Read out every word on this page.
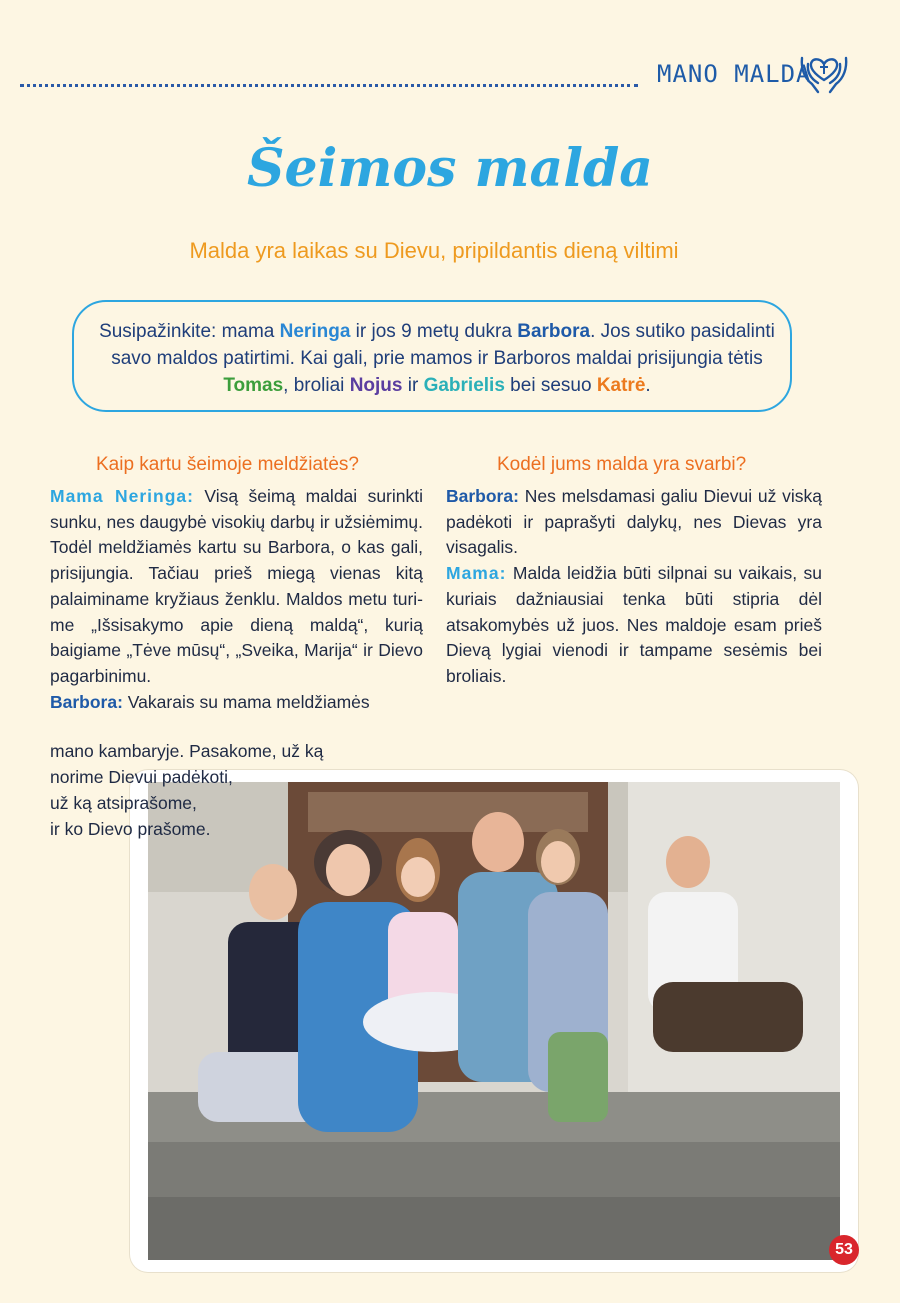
MANO MALDA
Šeimos malda

Malda yra laikas su Dievu, pripildantis dieną viltimi

Susipažinkite: mama Neringa ir jos 9 metų dukra Barbora. Jos sutiko pasidalinti savo maldos patirtimi. Kai gali, prie mamos ir Barboros maldai prisijungia tėtis Tomas, broliai Nojus ir Gabrielis bei sesuo Katrė.

Kaip kartu šeimoje meldžiatės?	Kodėl jums malda yra svarbi?

Mama Neringa: Visą šeimą maldai surinkti sunku, nes daugybė visokių darbų ir užsiėmimų. Todėl meldžiamės kartu su Barbora, o kas gali, prisijungia. Tačiau prieš miegą vienas kitą palaiminame kryžiaus ženklu. Maldos metu turime „Išsisakymo apie dieną maldą“, kurią baigiame „Tėve mūsų“, „Sveika, Marija“ ir Dievo pagarbinimu.

Barbora: Vakarais su mama meldžiamės

Barbora: Nes melsdamasi galiu Dievui už viską padėkoti ir paprašyti dalykų, nes Dievas yra visagalis.

Mama: Malda leidžia būti silpnai su vaikais, su kuriais dažniausiai tenka būti stipria dėl atsakomybės už juos. Nes maldoje esam prieš Dievą lygiai vienodi ir tampame sesėmis bei broliais.

mano kambaryje. Pasakome, už ką

norime Dievui padėkoti,

už ką atsiprašome,

ir ko Dievo prašome.

53
